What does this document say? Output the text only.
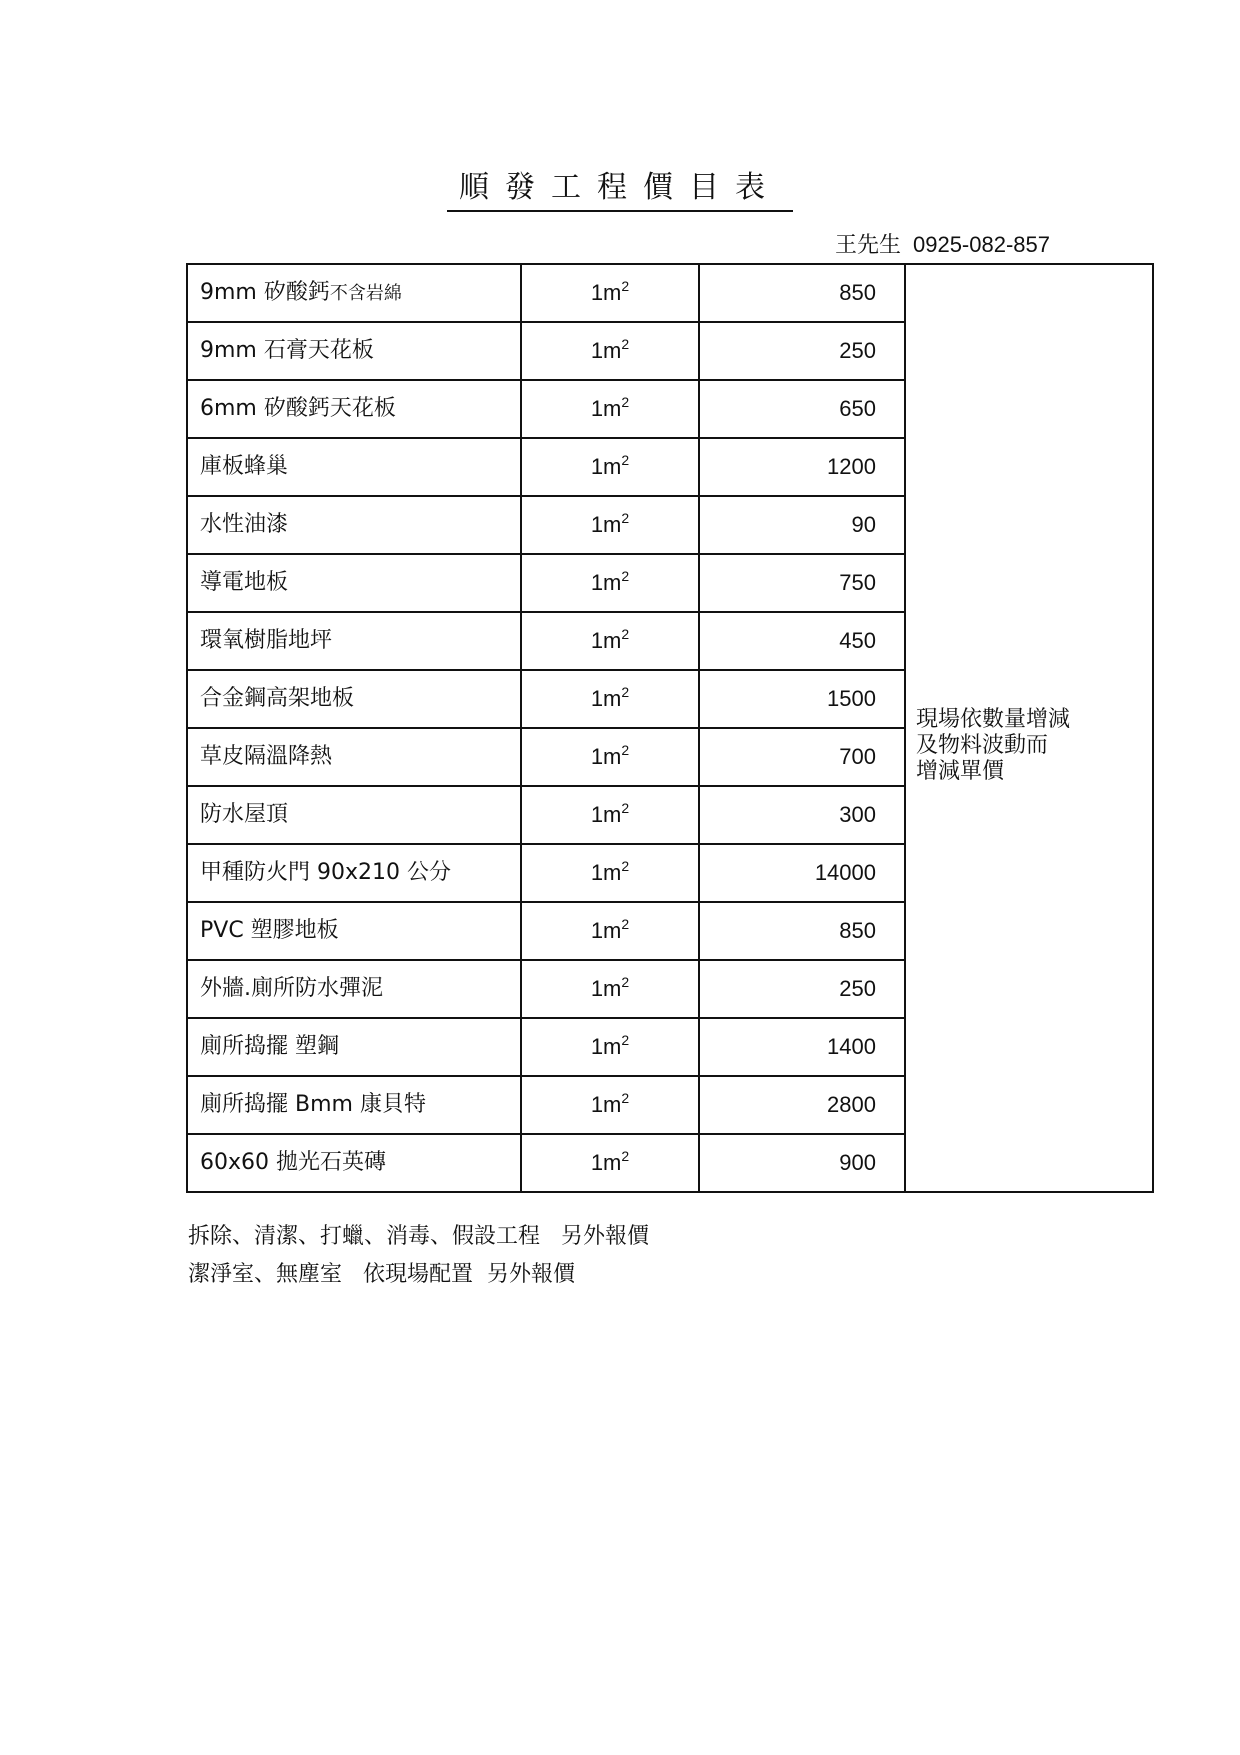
順發工程價目表
王先生 0925-082-857
9mm 矽酸鈣不含岩綿	$1m^2$	850	現場依數量增減
及物料波動而
增減單價

9mm 石膏天花板	$1m^2$	250	
6mm 矽酸鈣天花板	$1m^2$	650	
庫板蜂巢	$1m^2$	1200	
水性油漆	$1m^2$	90	
導電地板	$1m^2$	750	
環氧樹脂地坪	$1m^2$	450	
合金鋼高架地板	$1m^2$	1500	
草皮隔溫降熱	$1m^2$	700	
防水屋頂	$1m^2$	300	
甲種防火門 90x210 公分	$1m^2$	14000	
PVC 塑膠地板	$1m^2$	850	
外牆.廁所防水彈泥	$1m^2$	250	
廁所捣擺 塑鋼	$1m^2$	1400	
廁所捣擺 Bmm 康貝特	$1m^2$	2800	
60x60 拋光石英磚	$1m^2$	900	
拆除、清潔、打蠟、消毒、假設工程   另外報價
潔淨室、無塵室   依現場配置  另外報價
